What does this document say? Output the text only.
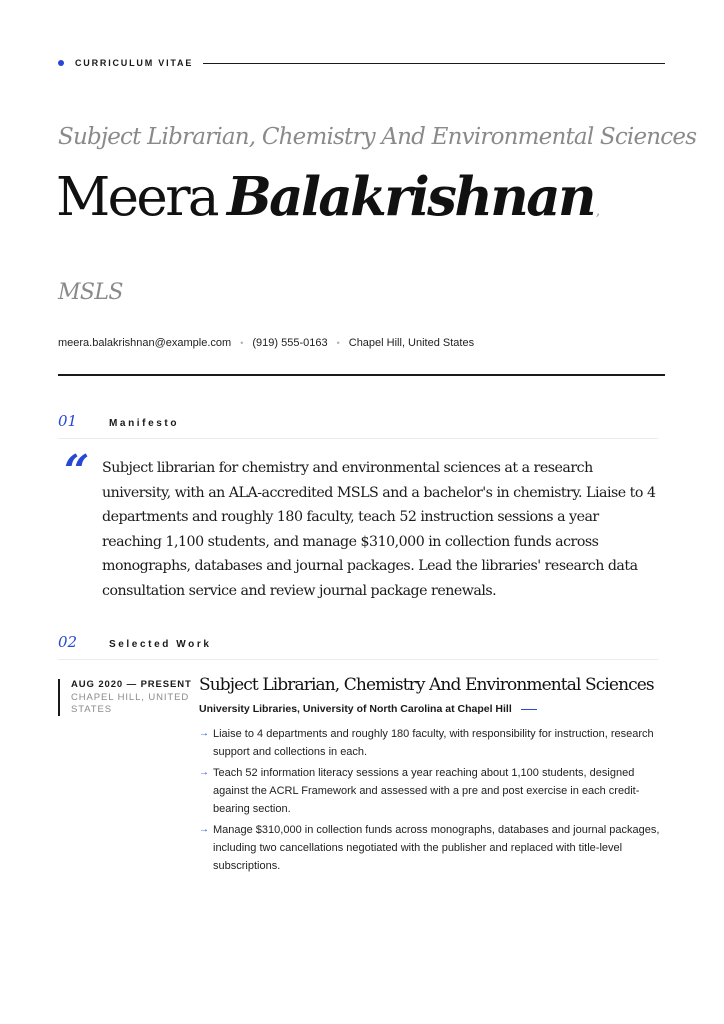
CURRICULUM VITAE
Subject Librarian, Chemistry And Environmental Sciences
Meera Balakrishnan ,
MSLS
meera.balakrishnan@example.com • (919) 555-0163 • Chapel Hill, United States
01	Manifesto
“ Subject librarian for chemistry and environmental sciences at a research university, with an ALA-accredited MSLS and a bachelor's in chemistry. Liaise to 4 departments and roughly 180 faculty, teach 52 instruction sessions a year reaching 1,100 students, and manage $310,000 in collection funds across monographs, databases and journal packages. Lead the libraries' research data consultation service and review journal package renewals.
02	Selected Work
AUG 2020 — PRESENT
CHAPEL HILL, UNITED STATES
Subject Librarian, Chemistry And Environmental Sciences
University Libraries, University of North Carolina at Chapel Hill
→ Liaise to 4 departments and roughly 180 faculty, with responsibility for instruction, research support and collections in each.
→ Teach 52 information literacy sessions a year reaching about 1,100 students, designed against the ACRL Framework and assessed with a pre and post exercise in each credit-bearing section.
→ Manage $310,000 in collection funds across monographs, databases and journal packages, including two cancellations negotiated with the publisher and replaced with title-level subscriptions.
